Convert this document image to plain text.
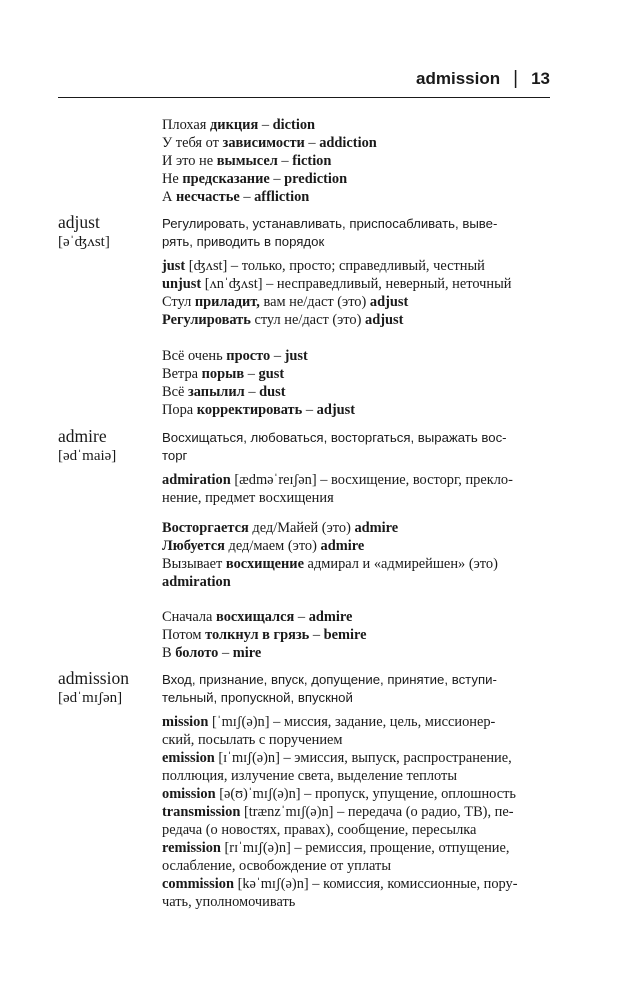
admission | 13
Плохая дикция – diction
У тебя от зависимости – addiction
И это не вымысел – fiction
Не предсказание – prediction
А несчастье – affliction
adjust
[əˈʤʌst]
Регулировать, устанавливать, приспосабливать, выве-
рять, приводить в порядок
just [ʤʌst] – только, просто; справедливый, честный
unjust [ʌnˈʤʌst] – несправедливый, неверный, неточный
Стул приладит, вам не/даст (это) adjust
Регулировать стул не/даст (это) adjust
Всё очень просто – just
Ветра порыв – gust
Всё запылил – dust
Пора корректировать – adjust
admire
[ədˈmaiə]
Восхищаться, любоваться, восторгаться, выражать вос-
торг
admiration [ædməˈreɪʃən] – восхищение, восторг, прекло-
нение, предмет восхищения
Восторгается дед/Майей (это) admire
Любуется дед/маем (это) admire
Вызывает восхищение адмирал и «адмирейшен» (это)
admiration
Сначала восхищался – admire
Потом толкнул в грязь – bemire
В болото – mire
admission
[ədˈmɪʃən]
Вход, признание, впуск, допущение, принятие, вступи-
тельный, пропускной, впускной
mission [ˈmɪʃ(ə)n] – миссия, задание, цель, миссионер-
ский, посылать с поручением
emission [ɪˈmɪʃ(ə)n] – эмиссия, выпуск, распространение,
поллюция, излучение света, выделение теплоты
omission [ə(ʊ)ˈmɪʃ(ə)n] – пропуск, упущение, оплошность
transmission [trænzˈmɪʃ(ə)n] – передача (о радио, ТВ), пе-
редача (о новостях, правах), сообщение, пересылка
remission [rɪˈmɪʃ(ə)n] – ремиссия, прощение, отпущение,
ослабление, освобождение от уплаты
commission [kəˈmɪʃ(ə)n] – комиссия, комиссионные, пору-
чать, уполномочивать
